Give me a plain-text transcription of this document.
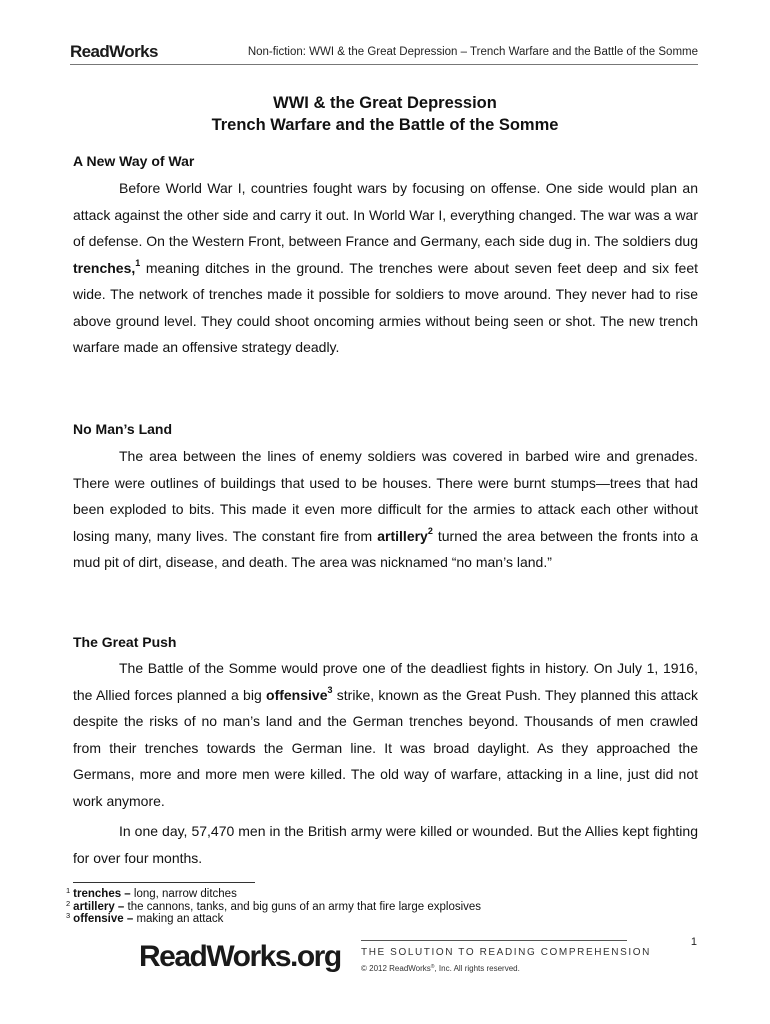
ReadWorks	Non-fiction: WWI & the Great Depression – Trench Warfare and the Battle of the Somme
WWI & the Great Depression
Trench Warfare and the Battle of the Somme
A New Way of War
Before World War I, countries fought wars by focusing on offense. One side would plan an attack against the other side and carry it out. In World War I, everything changed. The war was a war of defense. On the Western Front, between France and Germany, each side dug in. The soldiers dug trenches,$^1$ meaning ditches in the ground. The trenches were about seven feet deep and six feet wide. The network of trenches made it possible for soldiers to move around. They never had to rise above ground level. They could shoot oncoming armies without being seen or shot. The new trench warfare made an offensive strategy deadly.
No Man’s Land
The area between the lines of enemy soldiers was covered in barbed wire and grenades. There were outlines of buildings that used to be houses. There were burnt stumps—trees that had been exploded to bits. This made it even more difficult for the armies to attack each other without losing many, many lives. The constant fire from artillery$^2$ turned the area between the fronts into a mud pit of dirt, disease, and death. The area was nicknamed “no man’s land.”
The Great Push
The Battle of the Somme would prove one of the deadliest fights in history. On July 1, 1916, the Allied forces planned a big offensive$^3$ strike, known as the Great Push. They planned this attack despite the risks of no man’s land and the German trenches beyond. Thousands of men crawled from their trenches towards the German line. It was broad daylight. As they approached the Germans, more and more men were killed. The old way of warfare, attacking in a line, just did not work anymore.
In one day, 57,470 men in the British army were killed or wounded. But the Allies kept fighting for over four months.
$^1$ trenches – long, narrow ditches
$^2$ artillery – the cannons, tanks, and big guns of an army that fire large explosives
$^3$ offensive – making an attack
1
ReadWorks.org THE SOLUTION TO READING COMPREHENSION
© 2012 ReadWorks®, Inc. All rights reserved.
